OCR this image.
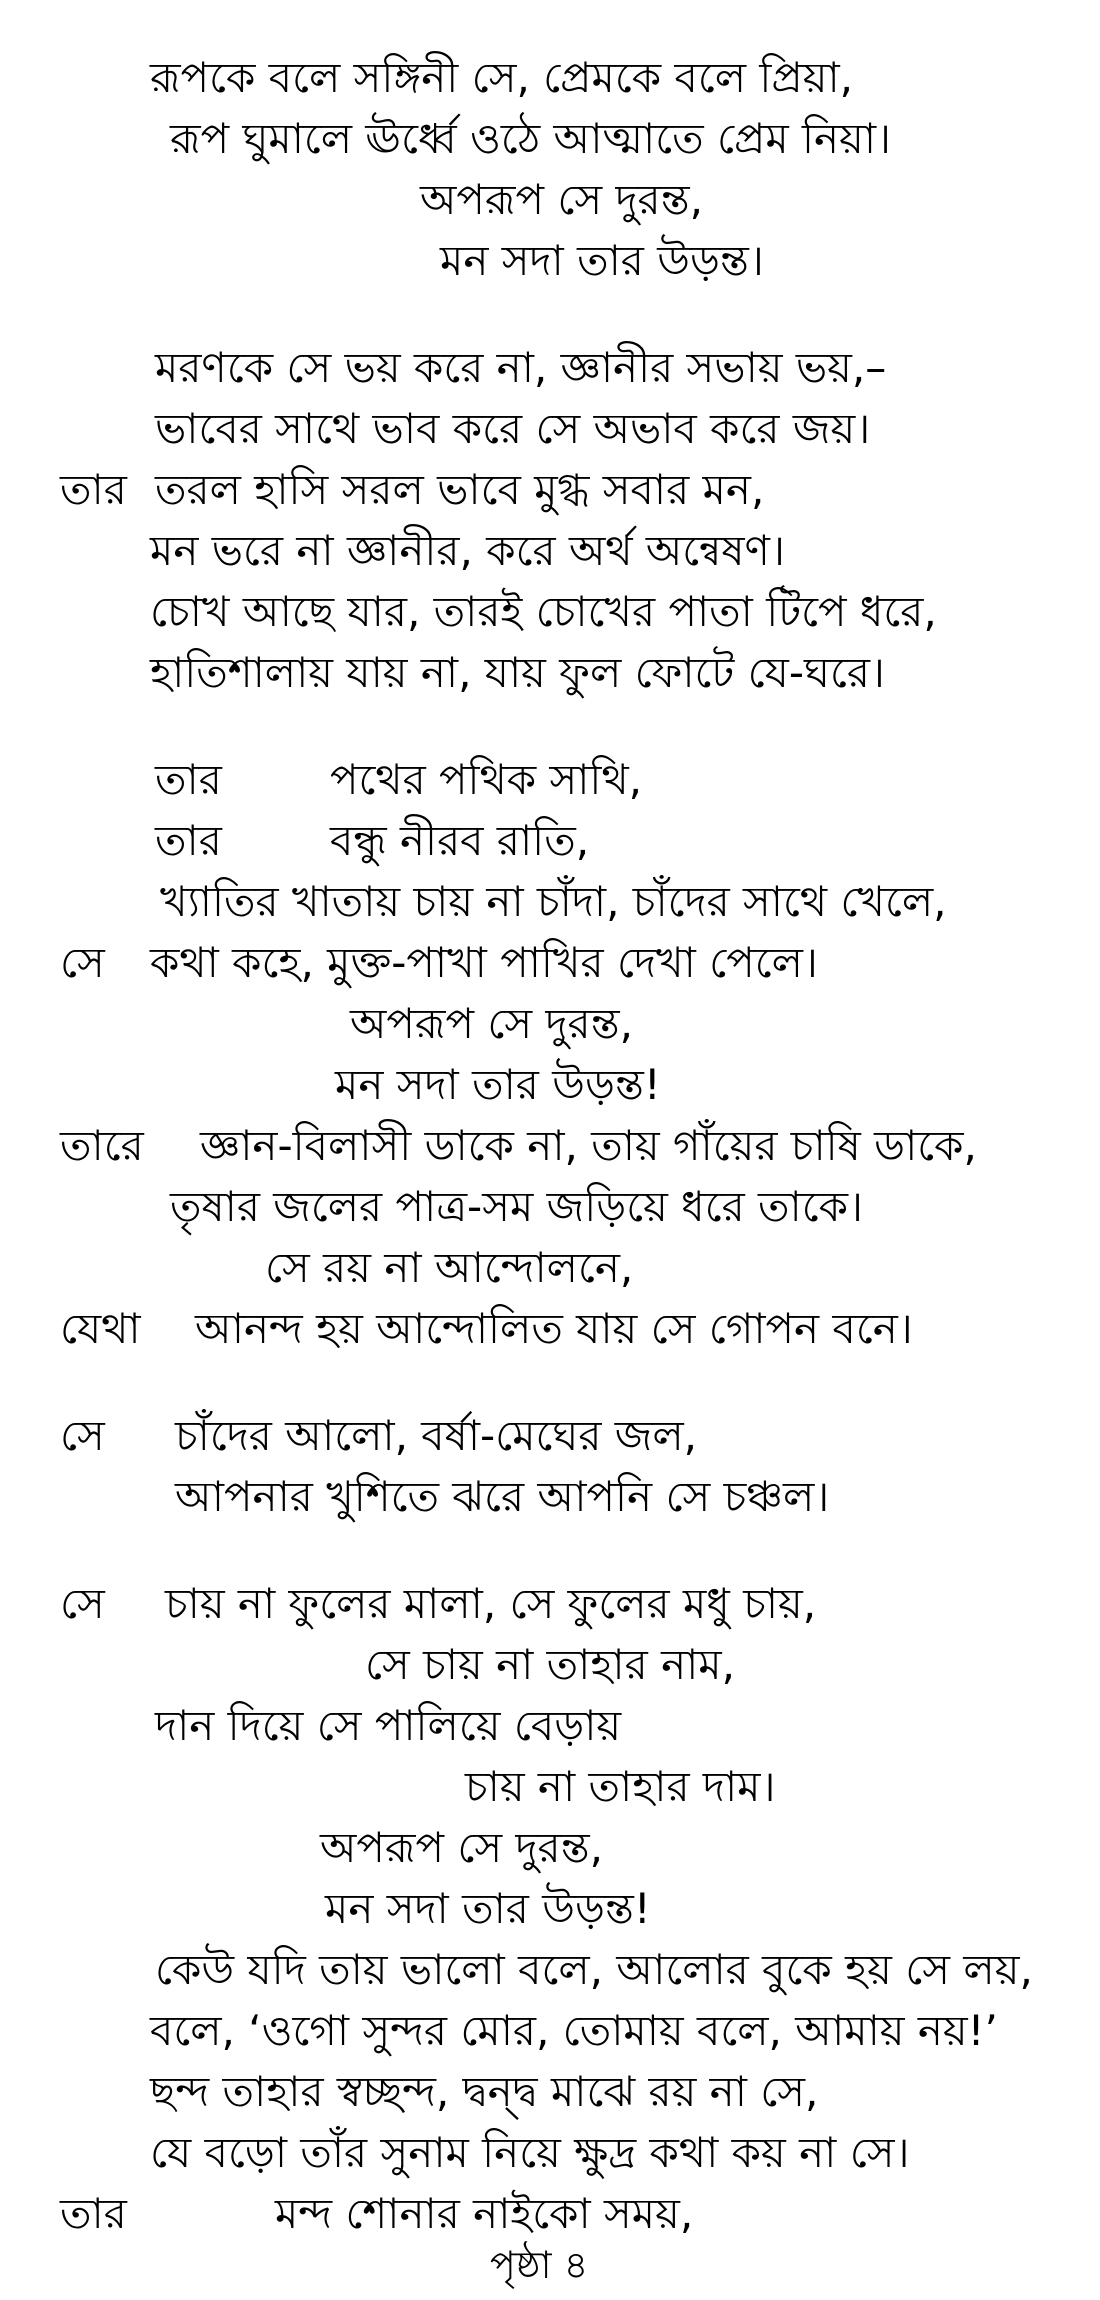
রূপকে বলে সঙ্গিনী সে, প্রেমকে বলে প্রিয়া,
রূপ ঘুমালে ঊর্ধ্বে ওঠে আত্মাতে প্রেম নিয়া।
অপরূপ সে দুরন্ত,
মন সদা তার উড়ন্ত।
মরণকে সে ভয় করে না, জ্ঞানীর সভায় ভয়,–
ভাবের সাথে ভাব করে সে অভাব করে জয়।
তার তরল হাসি সরল ভাবে মুগ্ধ সবার মন,
মন ভরে না জ্ঞানীর, করে অর্থ অন্বেষণ।
চোখ আছে যার, তারই চোখের পাতা টিপে ধরে,
হাতিশালায় যায় না, যায় ফুল ফোটে যে-ঘরে।
তার	পথের পথিক সাথি,
তার	বন্ধু নীরব রাতি,
খ্যাতির খাতায় চায় না চাঁদা, চাঁদের সাথে খেলে,
সে কথা কহে, মুক্ত-পাখা পাখির দেখা পেলে।
অপরূপ সে দুরন্ত,
মন সদা তার উড়ন্ত!
তারে জ্ঞান-বিলাসী ডাকে না, তায় গাঁয়ের চাষি ডাকে,
তৃষার জলের পাত্র-সম জড়িয়ে ধরে তাকে।
সে রয় না আন্দোলনে,
যেথা আনন্দ হয় আন্দোলিত যায় সে গোপন বনে।
সে চাঁদের আলো, বর্ষা-মেঘের জল,
আপনার খুশিতে ঝরে আপনি সে চঞ্চল।
সে চায় না ফুলের মালা, সে ফুলের মধু চায়,
সে চায় না তাহার নাম,
দান দিয়ে সে পালিয়ে বেড়ায়
চায় না তাহার দাম।
অপরূপ সে দুরন্ত,
মন সদা তার উড়ন্ত!
কেউ যদি তায় ভালো বলে, আলোর বুকে হয় সে লয়,
বলে, ‘ওগো সুন্দর মোর, তোমায় বলে, আমায় নয়!’
ছন্দ তাহার স্বচ্ছন্দ, দ্বন্দ্ব মাঝে রয় না সে,
যে বড়ো তাঁর সুনাম নিয়ে ক্ষুদ্র কথা কয় না সে।
তার	মন্দ শোনার নাইকো সময়,
পৃষ্ঠা ৪
